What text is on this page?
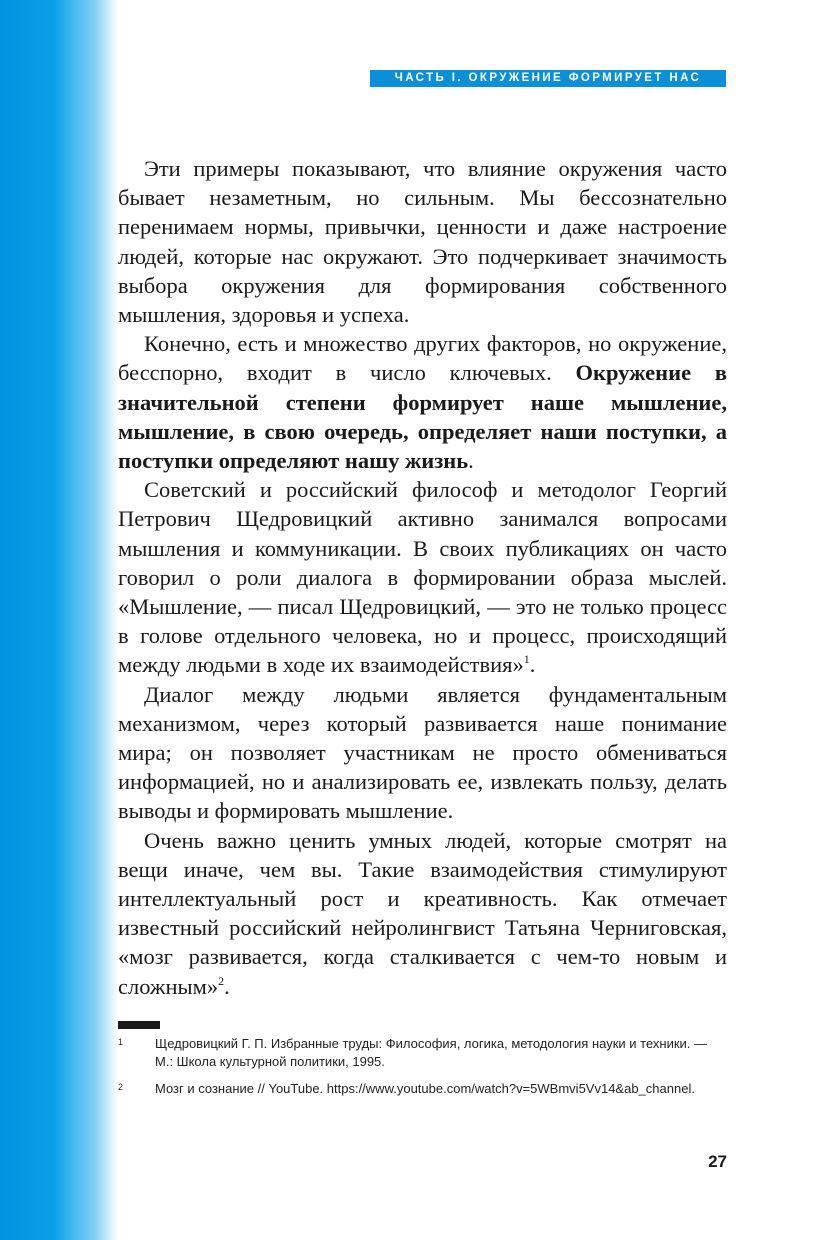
ЧАСТЬ I. ОКРУЖЕНИЕ ФОРМИРУЕТ НАС

Эти примеры показывают, что влияние окружения часто бывает незаметным, но сильным. Мы бессознательно перенимаем нормы, привычки, ценности и даже настроение людей, которые нас окружают. Это подчеркивает значимость выбора окружения для формирования собственного мышления, здоровья и успеха.

Конечно, есть и множество других факторов, но окружение, бесспорно, входит в число ключевых. Окружение в значительной степени формирует наше мышление, мышление, в свою очередь, определяет наши поступки, а поступки определяют нашу жизнь.

Советский и российский философ и методолог Георгий Петрович Щедровицкий активно занимался вопросами мышления и коммуникации. В своих публикациях он часто говорил о роли диалога в формировании образа мыслей. «Мышление, — писал Щедровицкий, — это не только процесс в голове отдельного человека, но и процесс, происходящий между людьми в ходе их взаимодействия»$^1$.

Диалог между людьми является фундаментальным механизмом, через который развивается наше понимание мира; он позволяет участникам не просто обмениваться информацией, но и анализировать ее, извлекать пользу, делать выводы и формировать мышление.

Очень важно ценить умных людей, которые смотрят на вещи иначе, чем вы. Такие взаимодействия стимулируют интеллектуальный рост и креативность. Как отмечает известный российский нейролингвист Татьяна Черниговская, «мозг развивается, когда сталкивается с чем-то новым и сложным»$^2$.

1 Щедровицкий Г. П. Избранные труды: Философия, логика, методология науки и техники. — М.: Школа культурной политики, 1995.
2 Мозг и сознание // YouTube. https://www.youtube.com/watch?v=5WBmvi5Vv14&ab_channel.
27
